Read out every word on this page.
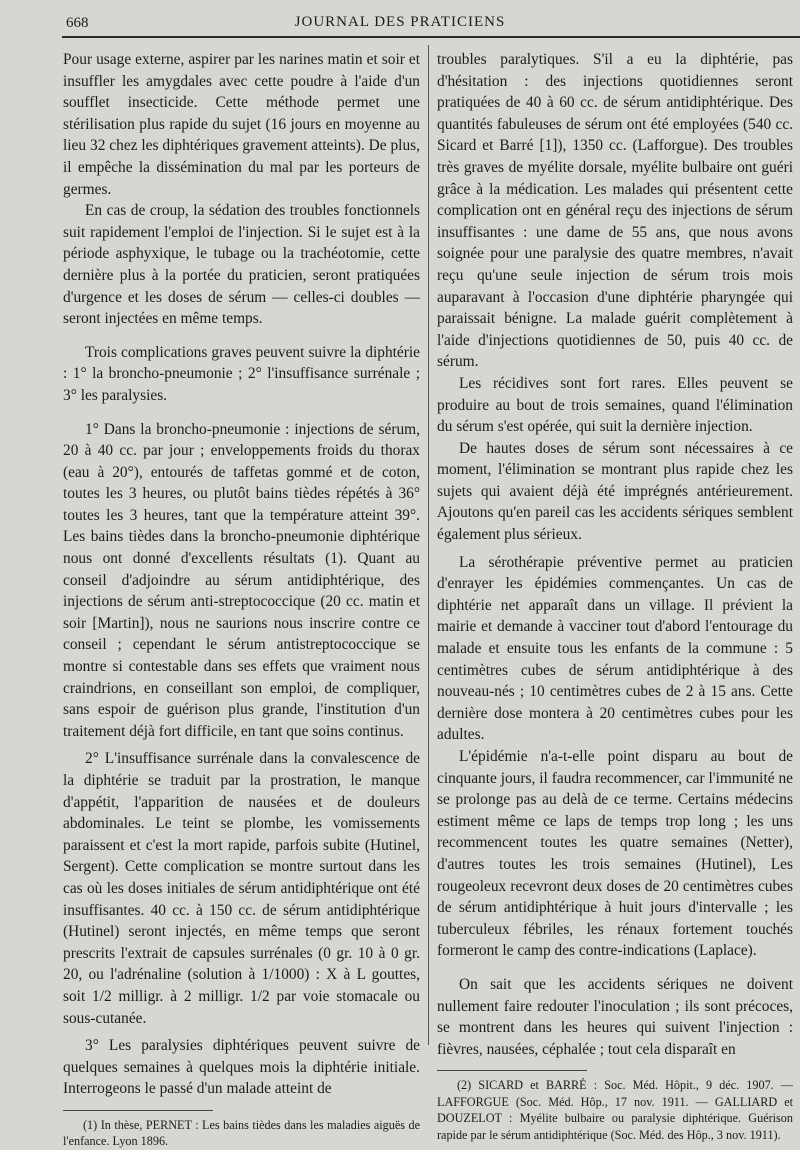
668	JOURNAL DES PRATICIENS

Pour usage externe, aspirer par les narines matin et soir et insuffler les amygdales avec cette poudre à l'aide d'un soufflet insecticide. Cette méthode permet une stérilisation plus rapide du sujet (16 jours en moyenne au lieu 32 chez les diphtériques gravement atteints). De plus, il empêche la dissémination du mal par les porteurs de germes.

En cas de croup, la sédation des troubles fonctionnels suit rapidement l'emploi de l'injection. Si le sujet est à la période asphyxique, le tubage ou la trachéotomie, cette dernière plus à la portée du praticien, seront pratiquées d'urgence et les doses de sérum — celles-ci doubles — seront injectées en même temps.

Trois complications graves peuvent suivre la diphtérie : 1° la broncho-pneumonie ; 2° l'insuffisance surrénale ; 3° les paralysies.

1° Dans la broncho-pneumonie : injections de sérum, 20 à 40 cc. par jour ; enveloppements froids du thorax (eau à 20°), entourés de taffetas gommé et de coton, toutes les 3 heures, ou plutôt bains tièdes répétés à 36° toutes les 3 heures, tant que la température atteint 39°. Les bains tièdes dans la broncho-pneumonie diphtérique nous ont donné d'excellents résultats (1). Quant au conseil d'adjoindre au sérum antidiphtérique, des injections de sérum anti-streptococcique (20 cc. matin et soir [Martin]), nous ne saurions nous inscrire contre ce conseil ; cependant le sérum antistreptococcique se montre si contestable dans ses effets que vraiment nous craindrions, en conseillant son emploi, de compliquer, sans espoir de guérison plus grande, l'institution d'un traitement déjà fort difficile, en tant que soins continus.

2° L'insuffisance surrénale dans la convalescence de la diphtérie se traduit par la prostration, le manque d'appétit, l'apparition de nausées et de douleurs abdominales. Le teint se plombe, les vomissements paraissent et c'est la mort rapide, parfois subite (Hutinel, Sergent). Cette complication se montre surtout dans les cas où les doses initiales de sérum antidiphtérique ont été insuffisantes. 40 cc. à 150 cc. de sérum antidiphtérique (Hutinel) seront injectés, en même temps que seront prescrits l'extrait de capsules surrénales (0 gr. 10 à 0 gr. 20, ou l'adrénaline (solution à 1/1000) : X à L gouttes, soit 1/2 milligr. à 2 milligr. 1/2 par voie stomacale ou sous-cutanée.

3° Les paralysies diphtériques peuvent suivre de quelques semaines à quelques mois la diphtérie initiale. Interrogeons le passé d'un malade atteint de

(1) In thèse, PERNET : Les bains tièdes dans les maladies aiguës de l'enfance. Lyon 1896.

troubles paralytiques. S'il a eu la diphtérie, pas d'hésitation : des injections quotidiennes seront pratiquées de 40 à 60 cc. de sérum antidiphtérique. Des quantités fabuleuses de sérum ont été employées (540 cc. Sicard et Barré [1]), 1350 cc. (Lafforgue). Des troubles très graves de myélite dorsale, myélite bulbaire ont guéri grâce à la médication. Les malades qui présentent cette complication ont en général reçu des injections de sérum insuffisantes : une dame de 55 ans, que nous avons soignée pour une paralysie des quatre membres, n'avait reçu qu'une seule injection de sérum trois mois auparavant à l'occasion d'une diphtérie pharyngée qui paraissait bénigne. La malade guérit complètement à l'aide d'injections quotidiennes de 50, puis 40 cc. de sérum.

Les récidives sont fort rares. Elles peuvent se produire au bout de trois semaines, quand l'élimination du sérum s'est opérée, qui suit la dernière injection.

De hautes doses de sérum sont nécessaires à ce moment, l'élimination se montrant plus rapide chez les sujets qui avaient déjà été imprégnés antérieurement. Ajoutons qu'en pareil cas les accidents sériques semblent également plus sérieux.

La sérothérapie préventive permet au praticien d'enrayer les épidémies commençantes. Un cas de diphtérie net apparaît dans un village. Il prévient la mairie et demande à vacciner tout d'abord l'entourage du malade et ensuite tous les enfants de la commune : 5 centimètres cubes de sérum antidiphtérique à des nouveau-nés ; 10 centimètres cubes de 2 à 15 ans. Cette dernière dose montera à 20 centimètres cubes pour les adultes.

L'épidémie n'a-t-elle point disparu au bout de cinquante jours, il faudra recommencer, car l'immunité ne se prolonge pas au delà de ce terme. Certains médecins estiment même ce laps de temps trop long ; les uns recommencent toutes les quatre semaines (Netter), d'autres toutes les trois semaines (Hutinel), Les rougeoleux recevront deux doses de 20 centimètres cubes de sérum antidiphtérique à huit jours d'intervalle ; les tuberculeux fébriles, les rénaux fortement touchés formeront le camp des contre-indications (Laplace).

On sait que les accidents sériques ne doivent nullement faire redouter l'inoculation ; ils sont précoces, se montrent dans les heures qui suivent l'injection : fièvres, nausées, céphalée ; tout cela disparaît en

(2) SICARD et BARRÉ : Soc. Méd. Hôpit., 9 déc. 1907. — LAFFORGUE (Soc. Méd. Hôp., 17 nov. 1911. — GALLIARD et DOUZELOT : Myélite bulbaire ou paralysie diphtérique. Guérison rapide par le sérum antidiphtérique (Soc. Méd. des Hôp., 3 nov. 1911).
